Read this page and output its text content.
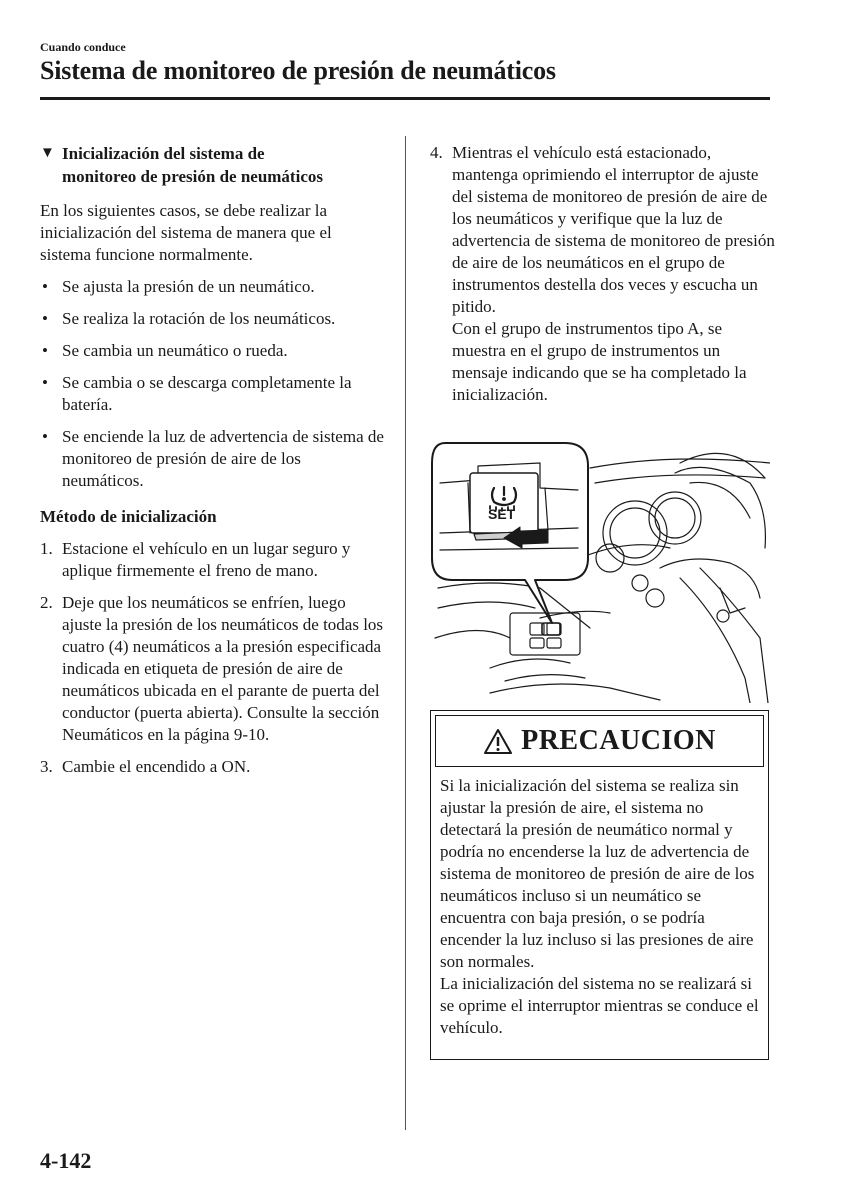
Cuando conduce
Sistema de monitoreo de presión de neumáticos
▼ Inicialización del sistema de
monitoreo de presión de neumáticos

En los siguientes casos, se debe realizar la inicialización del sistema de manera que el sistema funcione normalmente.

• Se ajusta la presión de un neumático.
• Se realiza la rotación de los neumáticos.
• Se cambia un neumático o rueda.
• Se cambia o se descarga completamente la batería.
• Se enciende la luz de advertencia de sistema de monitoreo de presión de aire de los neumáticos.
Método de inicialización
1. Estacione el vehículo en un lugar seguro y aplique firmemente el freno de mano.
2. Deje que los neumáticos se enfríen, luego ajuste la presión de los neumáticos de todas los cuatro (4) neumáticos a la presión especificada indicada en etiqueta de presión de aire de neumáticos ubicada en el parante de puerta del conductor (puerta abierta). Consulte la sección Neumáticos en la página 9-10.
3. Cambie el encendido a ON.
4. Mientras el vehículo está estacionado, mantenga oprimiendo el interruptor de ajuste del sistema de monitoreo de presión de aire de los neumáticos y verifique que la luz de advertencia de sistema de monitoreo de presión de aire de los neumáticos en el grupo de instrumentos destella dos veces y escucha un pitido.
Con el grupo de instrumentos tipo A, se muestra en el grupo de instrumentos un mensaje indicando que se ha completado la inicialización.
SET
PRECAUCION

Si la inicialización del sistema se realiza sin ajustar la presión de aire, el sistema no detectará la presión de neumático normal y podría no encenderse la luz de advertencia de sistema de monitoreo de presión de aire de los neumáticos incluso si un neumático se encuentra con baja presión, o se podría encender la luz incluso si las presiones de aire son normales.

La inicialización del sistema no se realizará si se oprime el interruptor mientras se conduce el vehículo.

4-142
